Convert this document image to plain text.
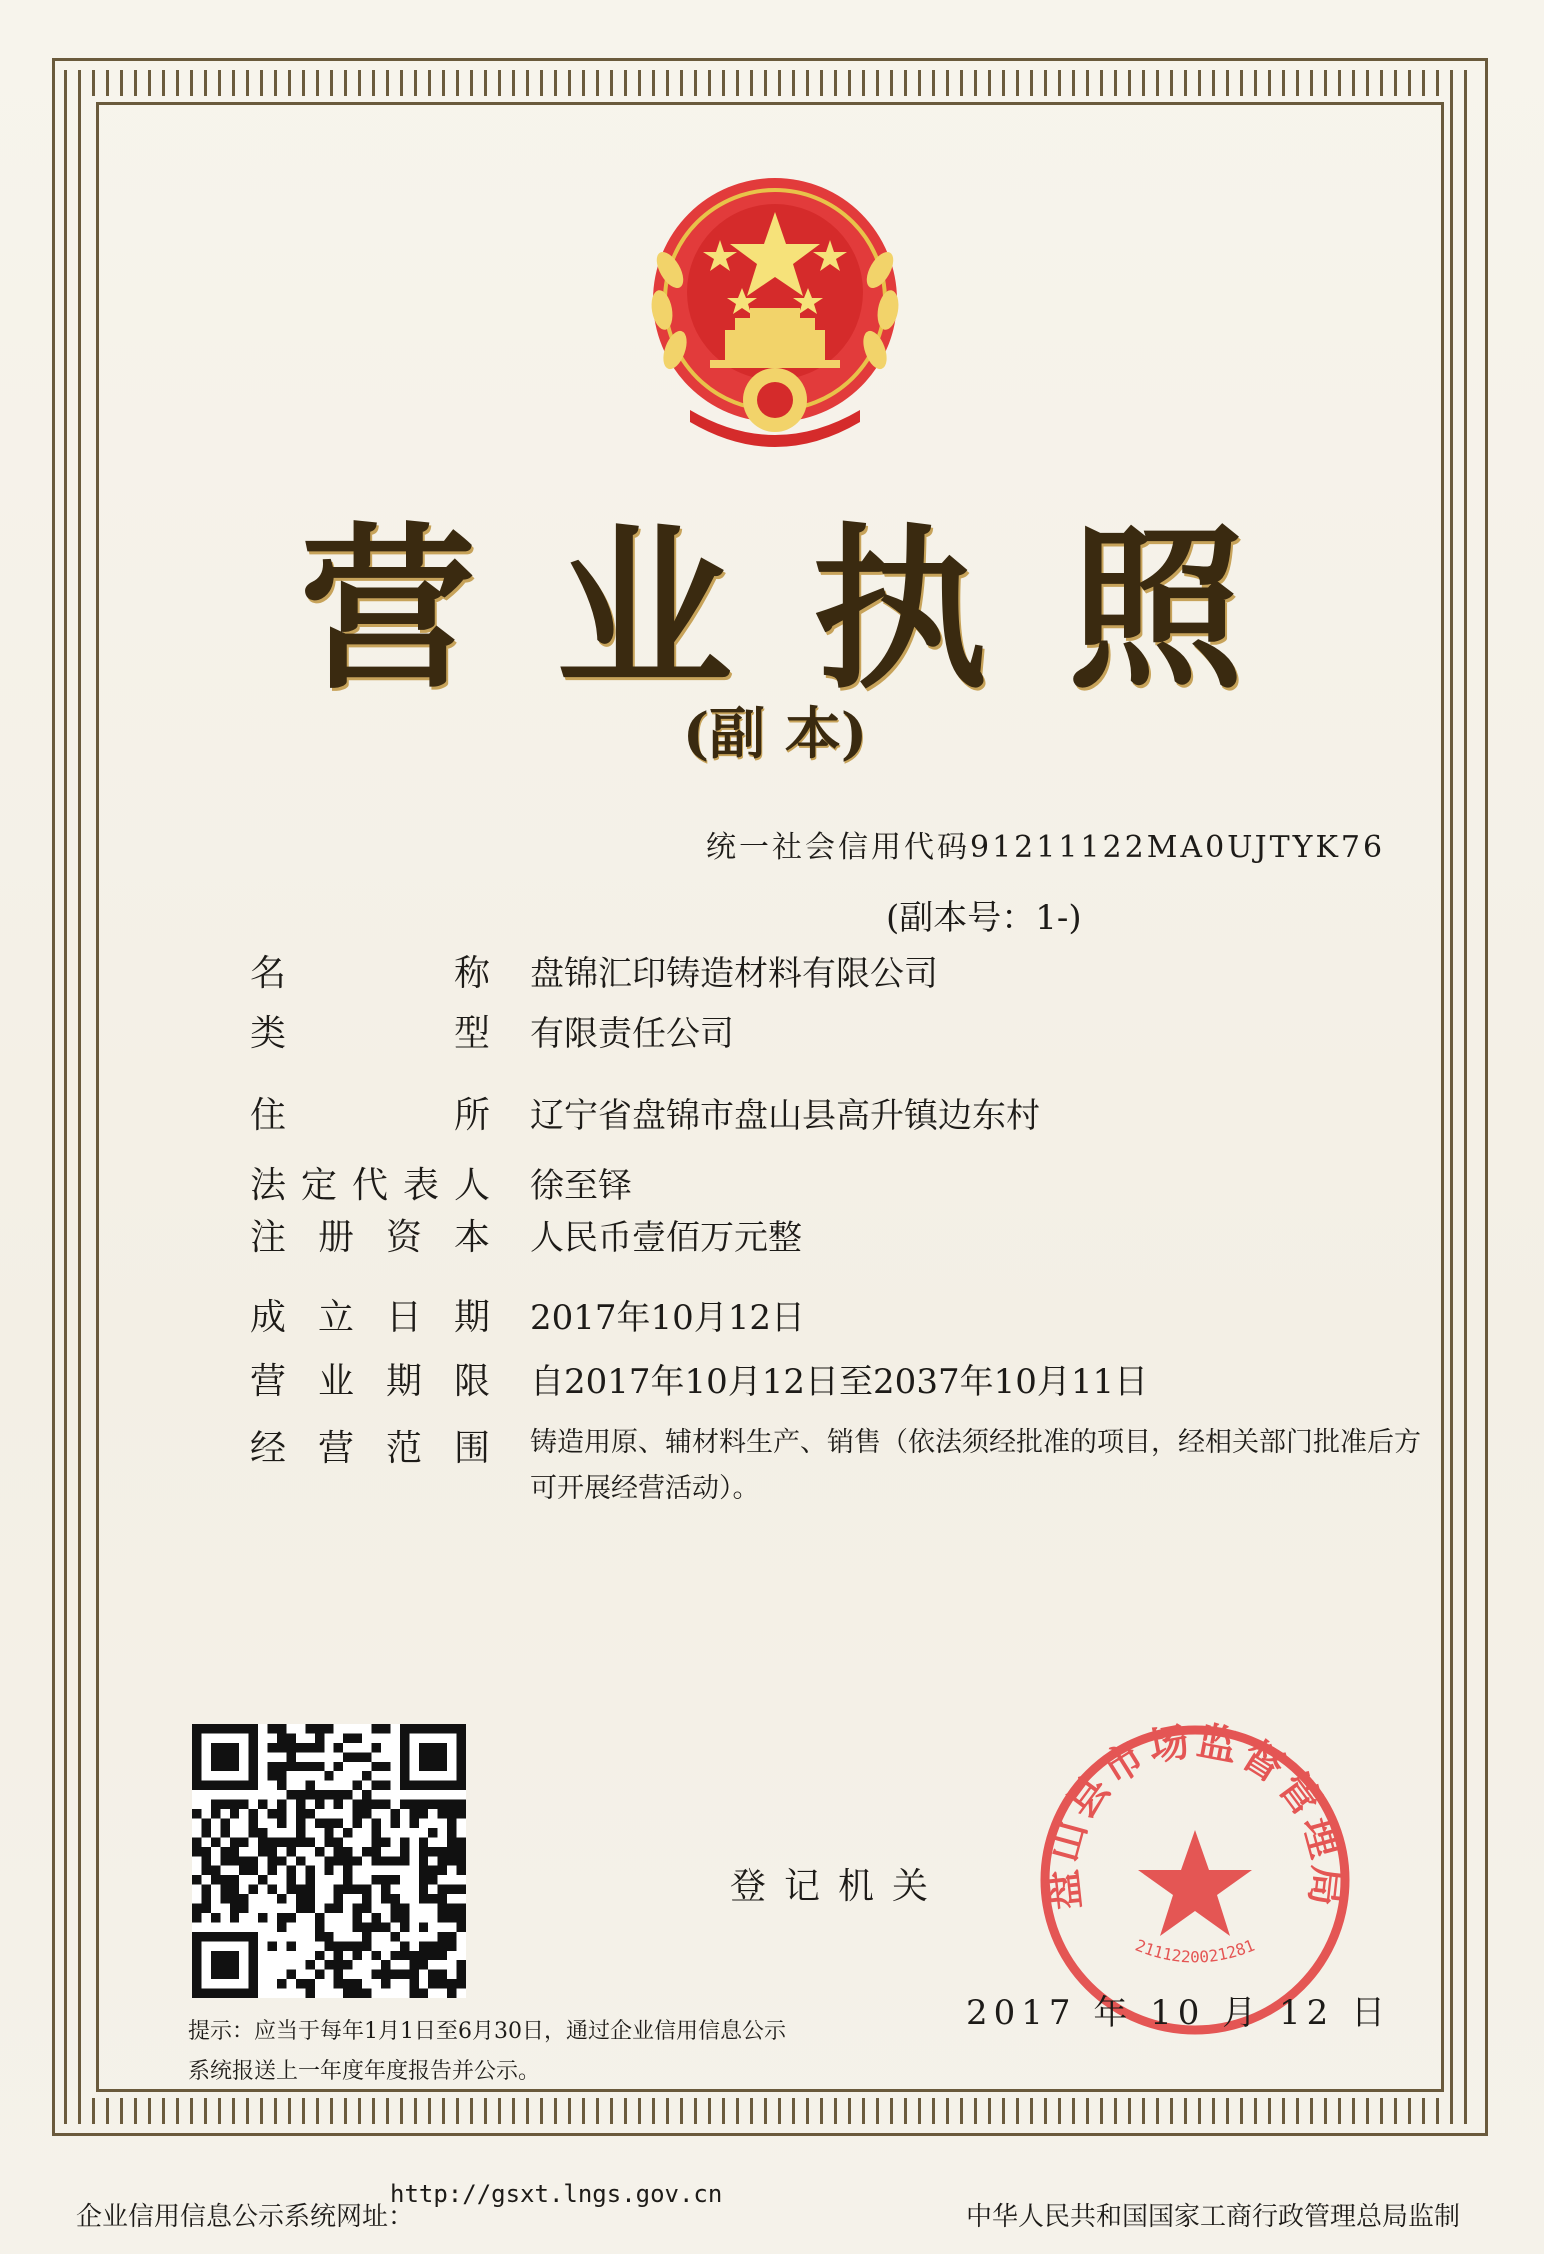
营 业 执 照
(副 本)
统一社会信用代码91211122MA0UJTYK76
(副本号：1-)
名	称 盘锦汇印铸造材料有限公司
类	型 有限责任公司
住	所 辽宁省盘锦市盘山县高升镇边东村
法 定 代 表 人 徐至铎
注 册 资 本 人民币壹佰万元整
成 立 日 期 2017年10月12日
营 业 期 限 自2017年10月12日至2037年10月11日
经 营 范 围 铸造用原、辅材料生产、销售（依法须经批准的项目，经相关部门批准后方可开展经营活动）。
登记机关 盘山县市场监督管理局
2111220021281
2017 年 10 月 12 日
提示：应当于每年1月1日至6月30日，通过企业信用信息公示系统报送上一年度年度报告并公示。
企业信用信息公示系统网址：
http://gsxt.lngs.gov.cn
中华人民共和国国家工商行政管理总局监制
